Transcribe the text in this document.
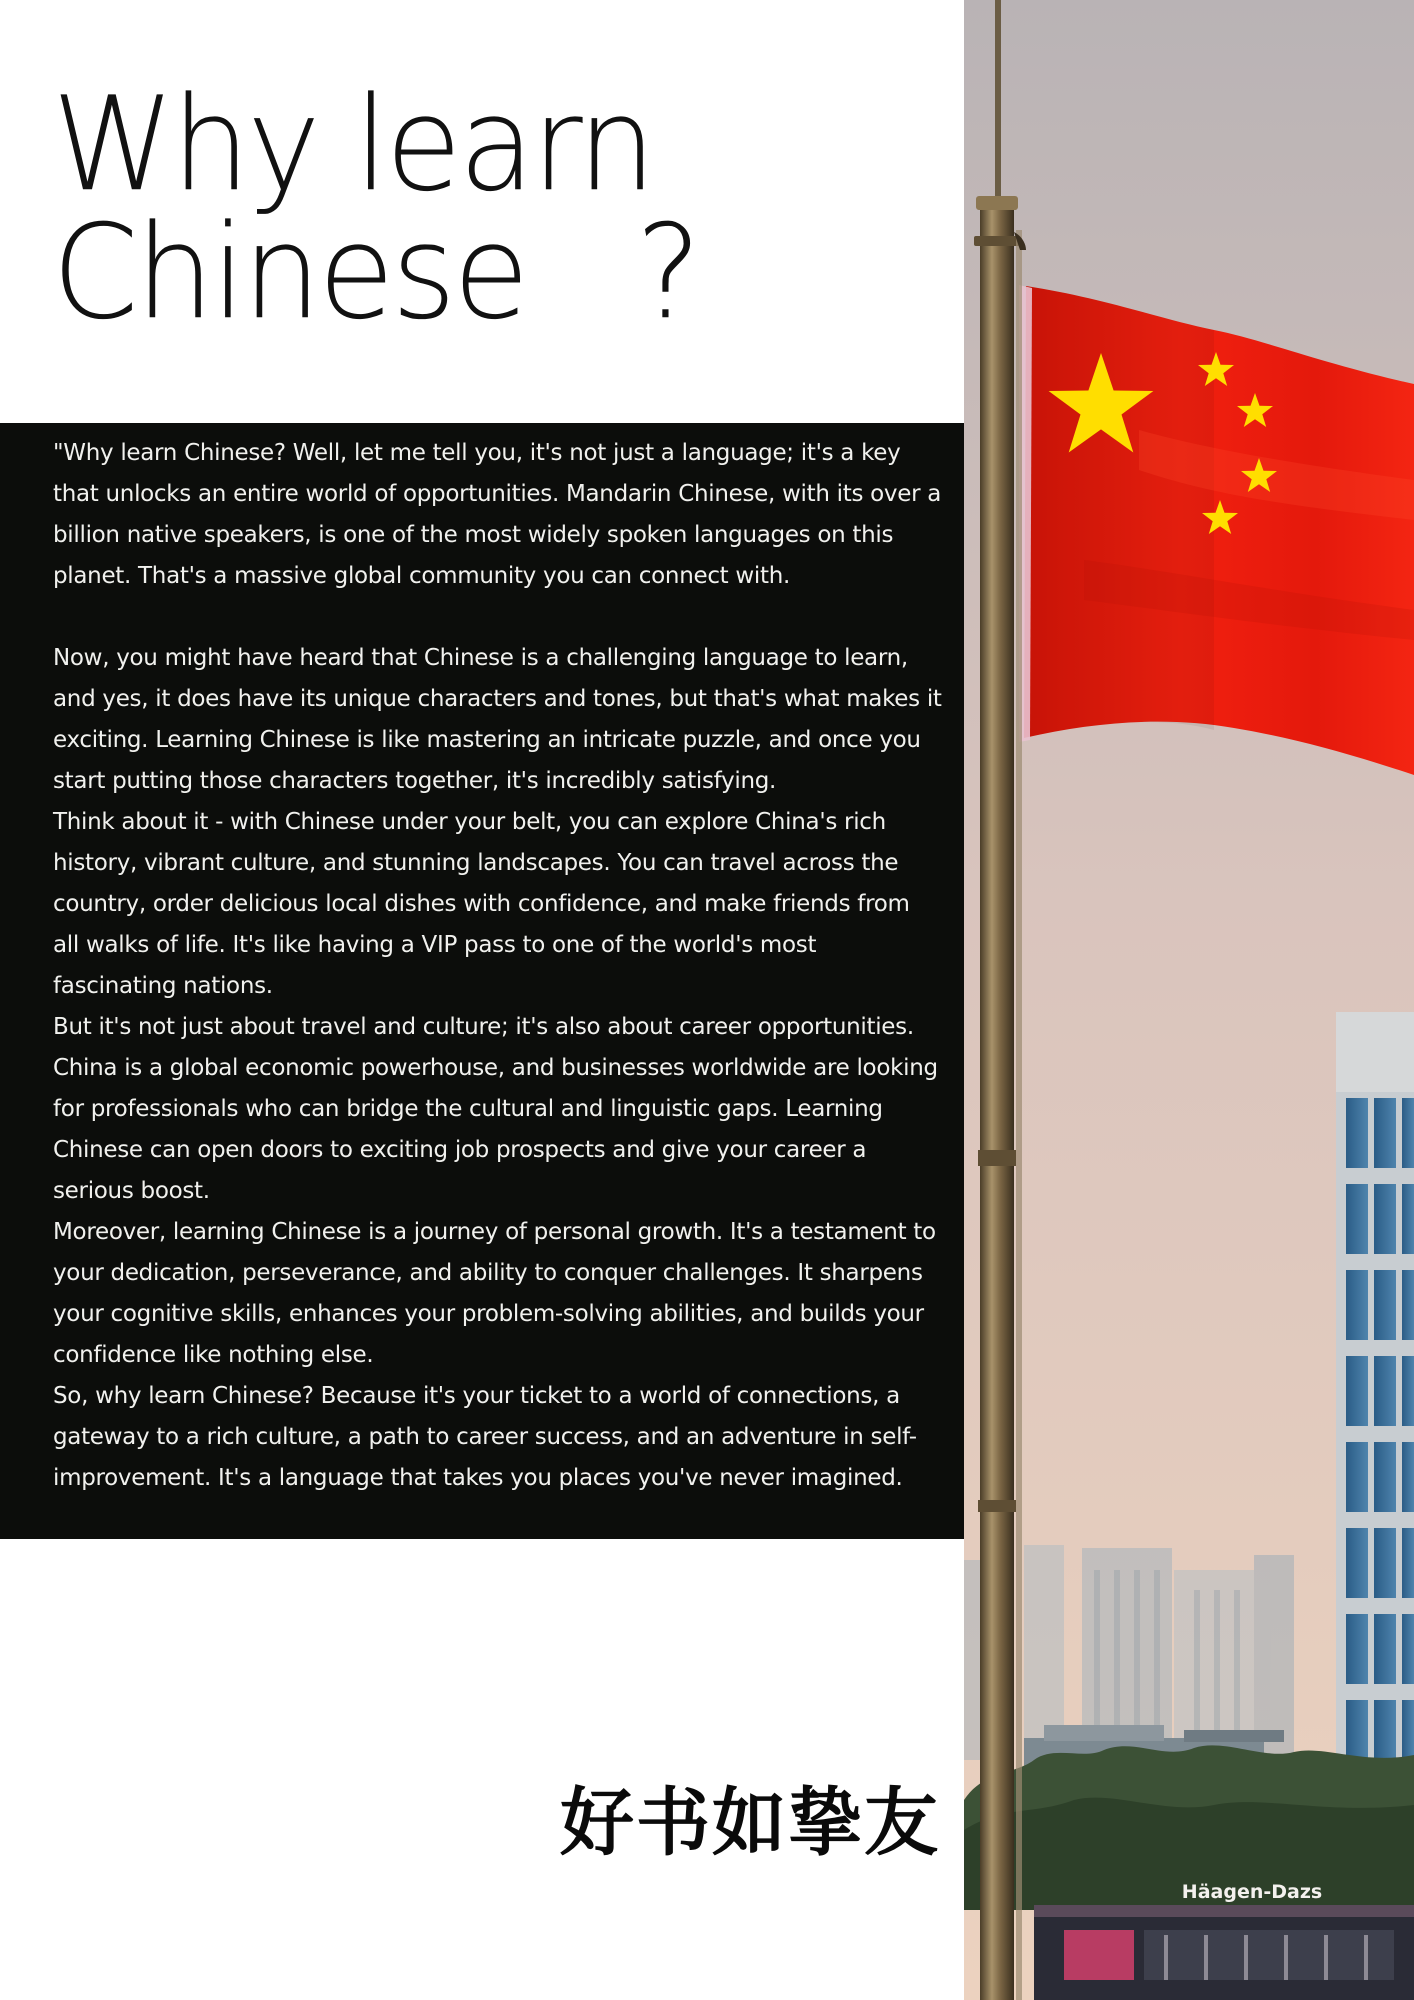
Why learn
Chinese   ?

"Why learn Chinese? Well, let me tell you, it's not just a language; it's a key that unlocks an entire world of opportunities. Mandarin Chinese, with its over a billion native speakers, is one of the most widely spoken languages on this planet. That's a massive global community you can connect with.

Now, you might have heard that Chinese is a challenging language to learn, and yes, it does have its unique characters and tones, but that's what makes it exciting. Learning Chinese is like mastering an intricate puzzle, and once you start putting those characters together, it's incredibly satisfying.

Think about it - with Chinese under your belt, you can explore China's rich history, vibrant culture, and stunning landscapes. You can travel across the country, order delicious local dishes with confidence, and make friends from all walks of life. It's like having a VIP pass to one of the world's most fascinating nations.

But it's not just about travel and culture; it's also about career opportunities. China is a global economic powerhouse, and businesses worldwide are looking for professionals who can bridge the cultural and linguistic gaps. Learning Chinese can open doors to exciting job prospects and give your career a serious boost.

Moreover, learning Chinese is a journey of personal growth. It's a testament to your dedication, perseverance, and ability to conquer challenges. It sharpens your cognitive skills, enhances your problem-solving abilities, and builds your confidence like nothing else.

So, why learn Chinese? Because it's your ticket to a world of connections, a gateway to a rich culture, a path to career success, and an adventure in self-improvement. It's a language that takes you places you've never imagined.

好书如挚友
Häagen-Dazs
